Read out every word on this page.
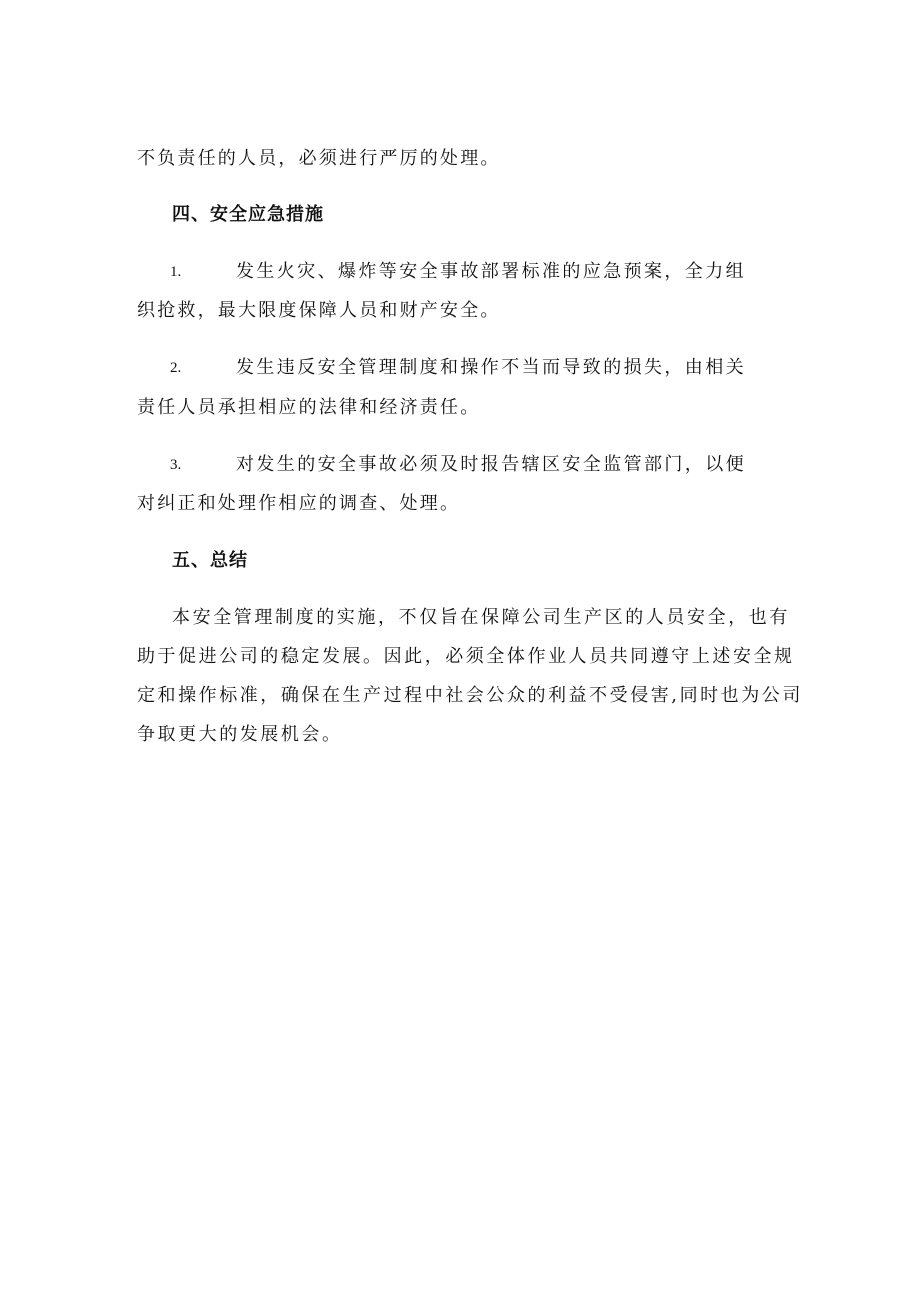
不负责任的人员，必须进行严厉的处理。
四、安全应急措施
1.	发生火灾、爆炸等安全事故部署标准的应急预案，全力组
织抢救，最大限度保障人员和财产安全。
2.	发生违反安全管理制度和操作不当而导致的损失，由相关
责任人员承担相应的法律和经济责任。
3.	对发生的安全事故必须及时报告辖区安全监管部门，以便
对纠正和处理作相应的调查、处理。
五、总结
本安全管理制度的实施，不仅旨在保障公司生产区的人员安全，也有
助于促进公司的稳定发展。因此，必须全体作业人员共同遵守上述安全规
定和操作标准，确保在生产过程中社会公众的利益不受侵害,同时也为公司
争取更大的发展机会。
